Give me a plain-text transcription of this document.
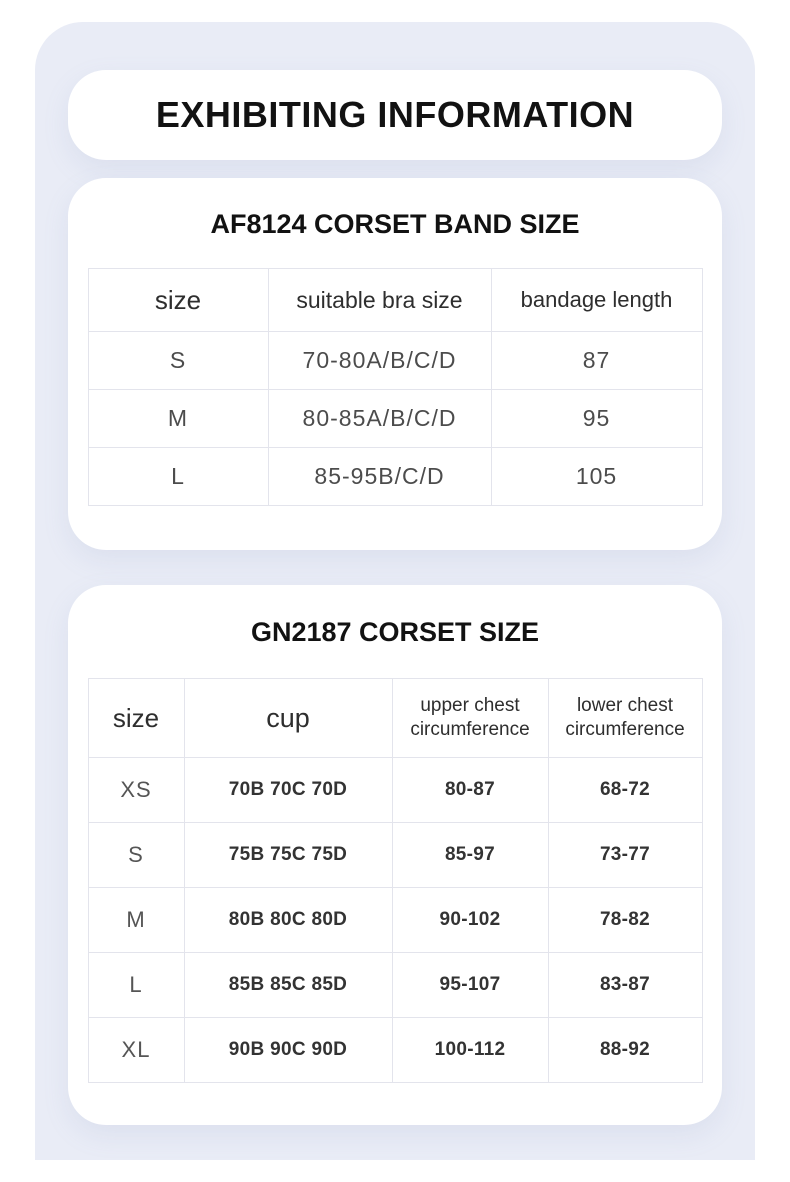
EXHIBITING INFORMATION
AF8124 CORSET BAND SIZE
size	suitable bra size	bandage length
S	70-80A/B/C/D	87
M	80-85A/B/C/D	95
L	85-95B/C/D	105
GN2187 CORSET SIZE
size	cup	upper chest circumference	lower chest circumference
XS	70B 70C 70D	80-87	68-72
S	75B 75C 75D	85-97	73-77
M	80B 80C 80D	90-102	78-82
L	85B 85C 85D	95-107	83-87
XL	90B 90C 90D	100-112	88-92
